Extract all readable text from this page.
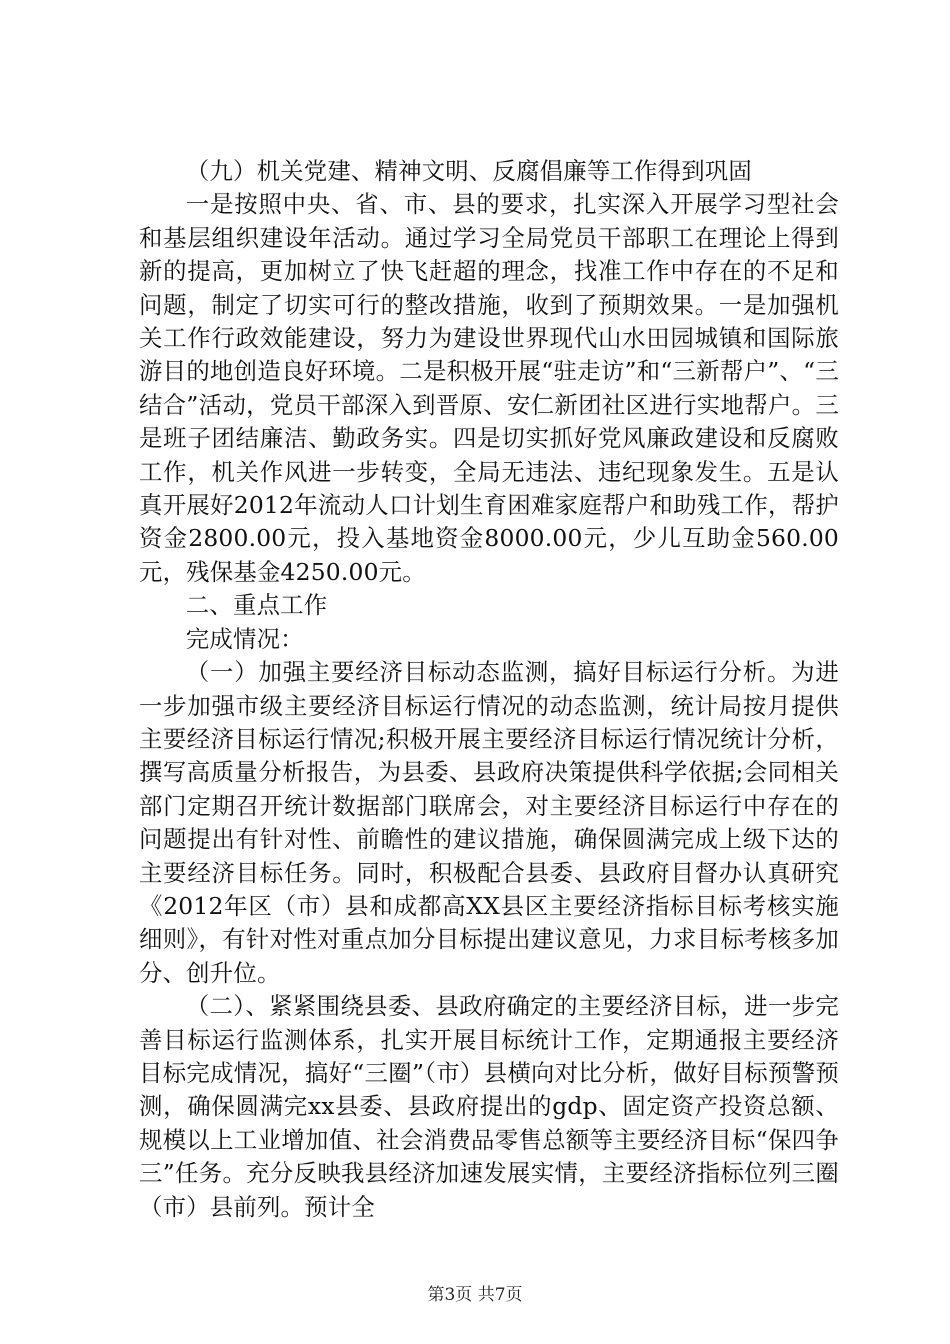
（九）机关党建、精神文明、反腐倡廉等工作得到巩固

一是按照中央、省、市、县的要求，扎实深入开展学习型社会和基层组织建设年活动。通过学习全局党员干部职工在理论上得到新的提高，更加树立了快飞赶超的理念，找准工作中存在的不足和问题，制定了切实可行的整改措施，收到了预期效果。一是加强机关工作行政效能建设，努力为建设世界现代山水田园城镇和国际旅游目的地创造良好环境。二是积极开展“驻走访”和“三新帮户”、“三结合”活动，党员干部深入到晋原、安仁新团社区进行实地帮户。三是班子团结廉洁、勤政务实。四是切实抓好党风廉政建设和反腐败工作，机关作风进一步转变，全局无违法、违纪现象发生。五是认真开展好2012年流动人口计划生育困难家庭帮户和助残工作，帮护资金2800.00元，投入基地资金8000.00元，少儿互助金560.00元，残保基金4250.00元。

二、重点工作

完成情况：

（一）加强主要经济目标动态监测，搞好目标运行分析。为进一步加强市级主要经济目标运行情况的动态监测，统计局按月提供主要经济目标运行情况;积极开展主要经济目标运行情况统计分析，撰写高质量分析报告，为县委、县政府决策提供科学依据;会同相关部门定期召开统计数据部门联席会，对主要经济目标运行中存在的问题提出有针对性、前瞻性的建议措施，确保圆满完成上级下达的主要经济目标任务。同时，积极配合县委、县政府目督办认真研究《2012年区（市）县和成都高XX县区主要经济指标目标考核实施细则》，有针对性对重点加分目标提出建议意见，力求目标考核多加分、创升位。

（二）、紧紧围绕县委、县政府确定的主要经济目标，进一步完善目标运行监测体系，扎实开展目标统计工作，定期通报主要经济目标完成情况，搞好“三圈”（市）县横向对比分析，做好目标预警预测，确保圆满完xx县委、县政府提出的gdp、固定资产投资总额、规模以上工业增加值、社会消费品零售总额等主要经济目标“保四争三”任务。充分反映我县经济加速发展实情，主要经济指标位列三圈（市）县前列。预计全

第3页 共7页
